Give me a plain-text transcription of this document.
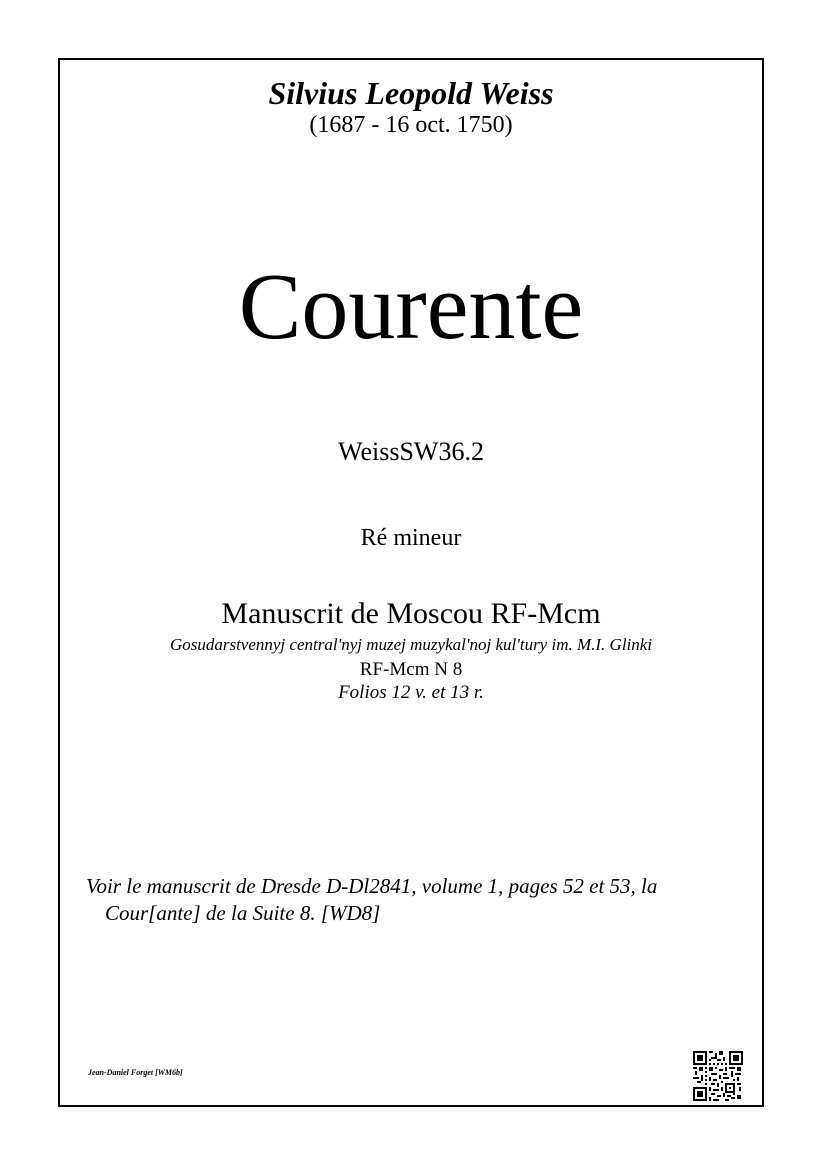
Silvius Leopold Weiss
(1687 - 16 oct. 1750)
Courente
WeissSW36.2
Ré mineur
Manuscrit de Moscou RF-Mcm
Gosudarstvennyj central'nyj muzej muzykal'noj kul'tury im. M.I. Glinki
RF-Mcm N 8
Folios 12 v. et 13 r.
Voir le manuscrit de Dresde D-Dl2841, volume 1, pages 52 et 53, la
Cour[ante] de la Suite 8. [WD8]
Jean-Daniel Forget [WM6b]
